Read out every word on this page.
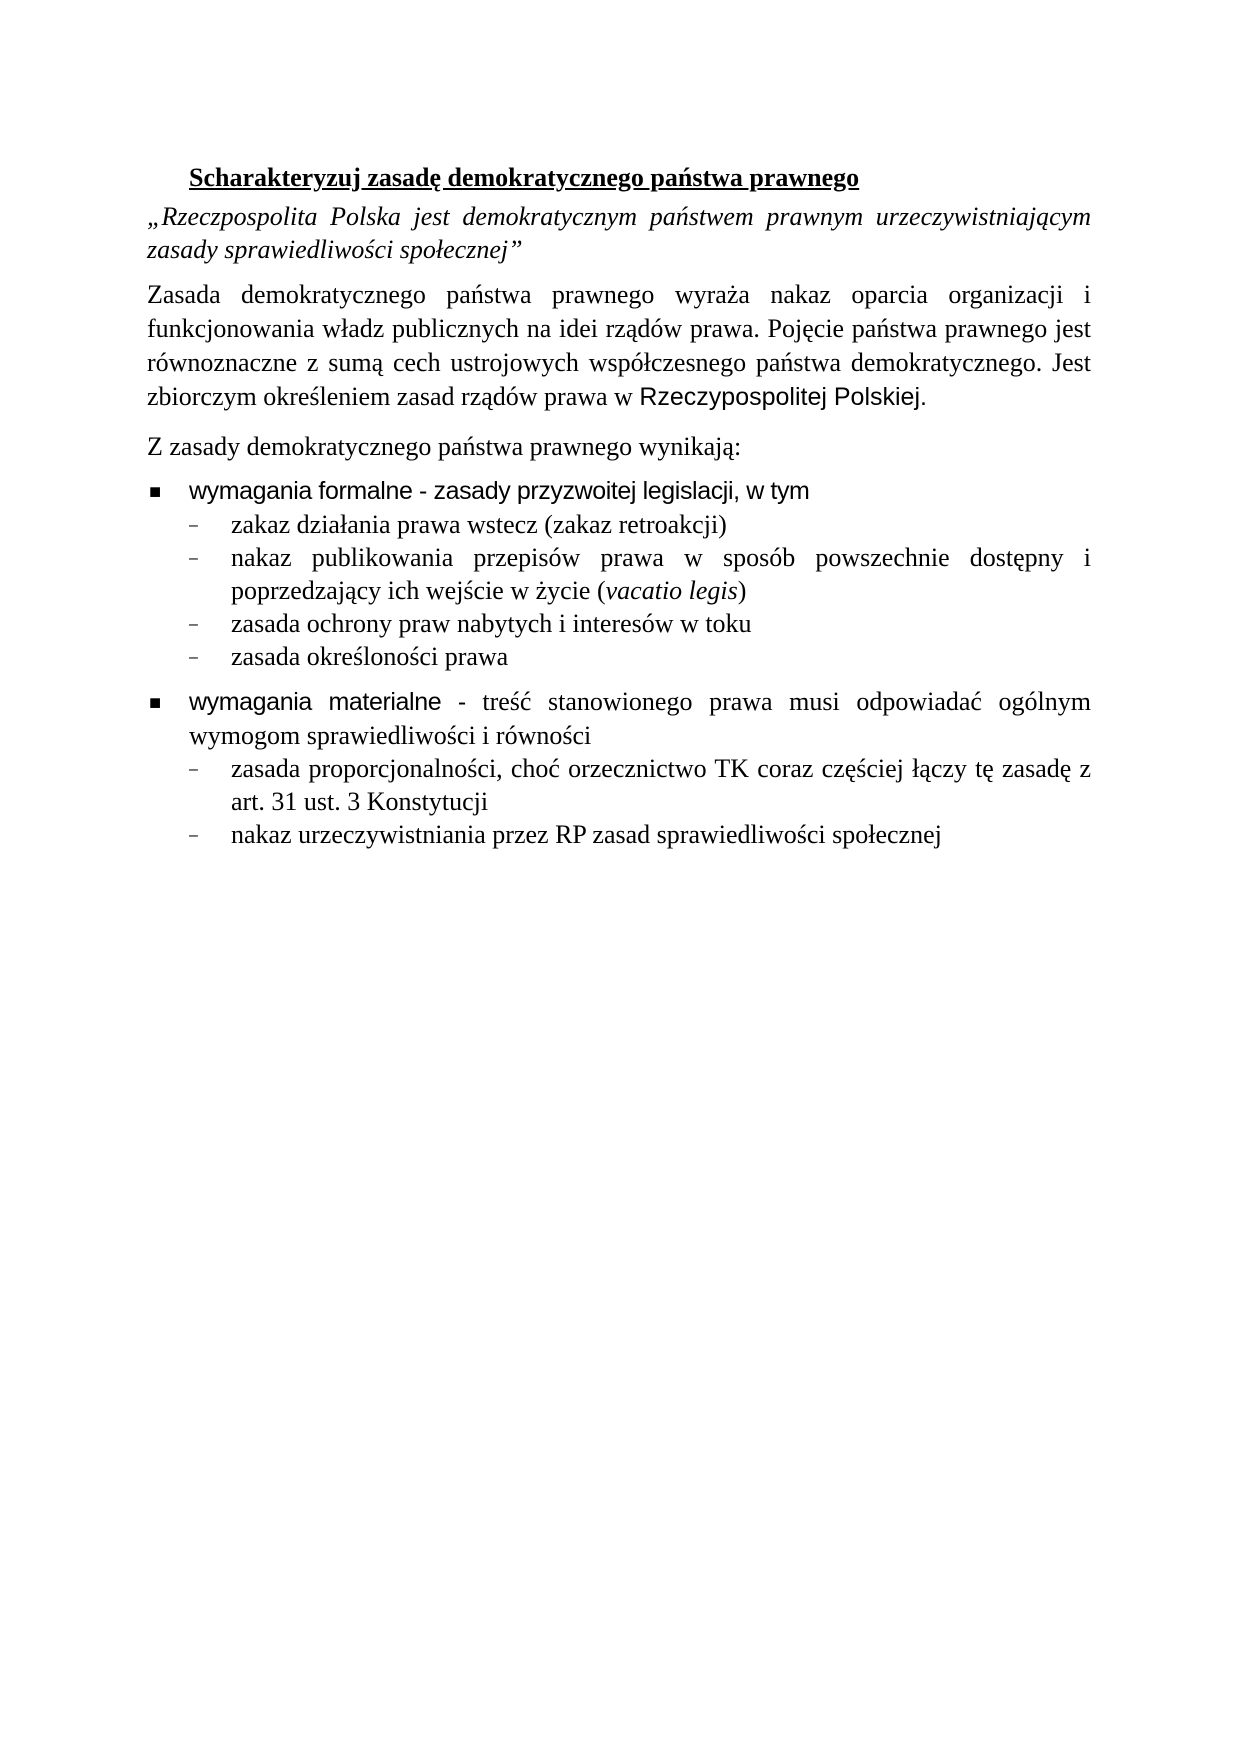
Scharakteryzuj zasadę demokratycznego państwa prawnego

„Rzeczpospolita Polska jest demokratycznym państwem prawnym urzeczywistniającym zasady sprawiedliwości społecznej”

Zasada demokratycznego państwa prawnego wyraża nakaz oparcia organizacji i funkcjonowania władz publicznych na idei rządów prawa. Pojęcie państwa prawnego jest równoznaczne z sumą cech ustrojowych współczesnego państwa demokratycznego. Jest zbiorczym określeniem zasad rządów prawa w Rzeczypospolitej Polskiej.

Z zasady demokratycznego państwa prawnego wynikają:

■ wymagania formalne - zasady przyzwoitej legislacji, w tym
– zakaz działania prawa wstecz (zakaz retroakcji)
– nakaz publikowania przepisów prawa w sposób powszechnie dostępny i poprzedzający ich wejście w życie (vacatio legis)
– zasada ochrony praw nabytych i interesów w toku
– zasada określoności prawa
■ wymagania materialne - treść stanowionego prawa musi odpowiadać ogólnym wymogom sprawiedliwości i równości
– zasada proporcjonalności, choć orzecznictwo TK coraz częściej łączy tę zasadę z art. 31 ust. 3 Konstytucji
– nakaz urzeczywistniania przez RP zasad sprawiedliwości społecznej
